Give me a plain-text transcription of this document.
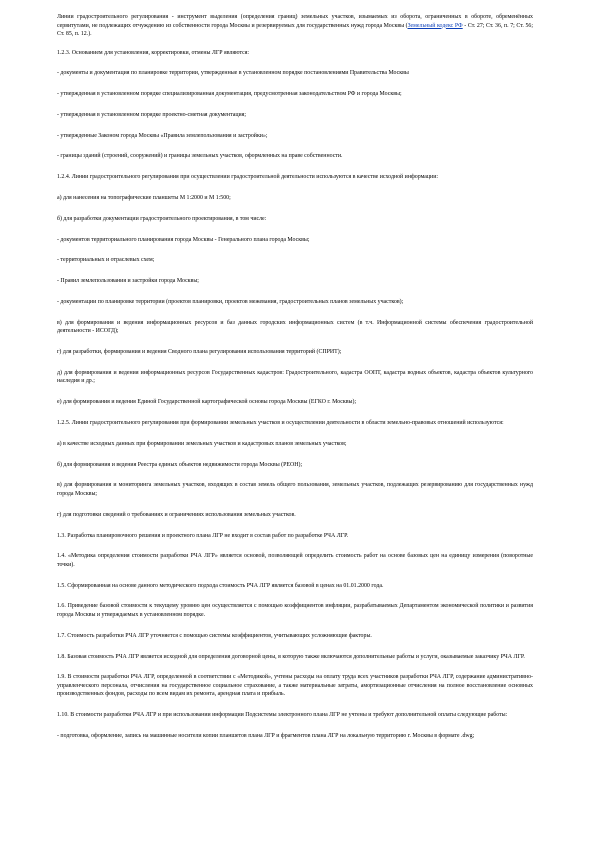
Линии градостроительного регулирования - инструмент выделения (определения границ) земельных участков, изымаемых из оборота, ограниченных в обороте, обременённых сервитутами, не подлежащих отчуждению из собственности города Москвы и резервируемых для государственных нужд города Москвы (Земельный кодекс РФ - Ст. 27; Ст. 36, п. 7; Ст. 56; Ст. 85, п. 12.).

1.2.3. Основанием для установления, корректировки, отмены ЛГР являются:

- документы и документация по планировке территории, утвержденные в установленном порядке постановлениями Правительства Москвы

- утвержденная в установленном порядке специализированная документация, предусмотренная законодательством РФ и города Москвы;

- утвержденная в установленном порядке проектно-сметная документация;

- утвержденные Законом города Москвы «Правила землепользования и застройки»;

- границы зданий (строений, сооружений) и границы земельных участков, оформленных на праве собственности.

1.2.4. Линии градостроительного регулирования при осуществлении градостроительной деятельности используются в качестве исходной информации:

а) для нанесения на топографические планшеты М 1:2000 и М 1:500;

б) для разработки документации градостроительного проектирования, в том числе:

- документов территориального планирования города Москвы - Генерального плана города Москвы;

- территориальных и отраслевых схем;

- Правил землепользования и застройки города Москвы;

- документации по планировке территории (проектов планировки, проектов межевания, градостроительных планов земельных участков);

в) для формирования и ведения информационных ресурсов и баз данных городских информационных систем (в т.ч. Информационной системы обеспечения градостроительной деятельности - ИСОГД);

г) для разработки, формирования и ведения Сводного плана регулирования использования территорий (СПРИТ);

д) для формирования и ведения информационных ресурсов Государственных кадастров: Градостроительного, кадастра ООПТ, кадастра водных объектов, кадастра объектов культурного наследия и др.;

е) для формирования и ведения Единой Государственной картографической основы города Москвы (ЕГКО г. Москвы);

1.2.5. Линии градостроительного регулирования при формировании земельных участков и осуществлении деятельности в области земельно-правовых отношений используются:

а) в качестве исходных данных при формировании земельных участков и кадастровых планов земельных участков;

б) для формирования и ведения Реестра единых объектов недвижимости города Москвы (РЕОН);

в) для формирования и мониторинга земельных участков, входящих в состав земель общего пользования, земельных участков, подлежащих резервированию для государственных нужд города Москвы;

г) для подготовки сведений о требованиях и ограничениях использования земельных участков.

1.3. Разработка планировочного решения и проектного плана ЛГР не входит в состав работ по разработке РЧА ЛГР.

1.4. «Методика определения стоимости разработки РЧА ЛГР» является основой, позволяющей определить стоимость работ на основе базовых цен на единицу измерения (поворотные точки).

1.5. Сформированная на основе данного методического подхода стоимость РЧА ЛГР является базовой в ценах на 01.01.2000 года.

1.6. Приведение базовой стоимости к текущему уровню цен осуществляется с помощью коэффициентов инфляции, разрабатываемых Департаментом экономической политики и развития города Москвы и утверждаемых в установленном порядке.

1.7. Стоимость разработки РЧА ЛГР уточняется с помощью системы коэффициентов, учитывающих усложняющие факторы.

1.8. Базовая стоимость РЧА ЛГР является исходной для определения договорной цены, в которую также включаются дополнительные работы и услуги, оказываемые заказчику РЧА ЛГР.

1.9. В стоимости разработки РЧА ЛГР, определенной в соответствии с «Методикой», учтены расходы на оплату труда всех участников разработки РЧА ЛГР, содержание административно-управленческого персонала, отчисления на государственное социальное страхование, а также материальные затраты, амортизационные отчисления на полное восстановление основных производственных фондов, расходы по всем видам их ремонта, арендная плата и прибыль.

1.10. В стоимости разработки РЧА ЛГР и при использовании информации Подсистемы электронного плана ЛГР не учтены и требуют дополнительной оплаты следующие работы:

- подготовка, оформление, запись на машинные носители копии планшетов плана ЛГР и фрагментов плана ЛГР на локальную территорию г. Москвы в формате .dwg;
